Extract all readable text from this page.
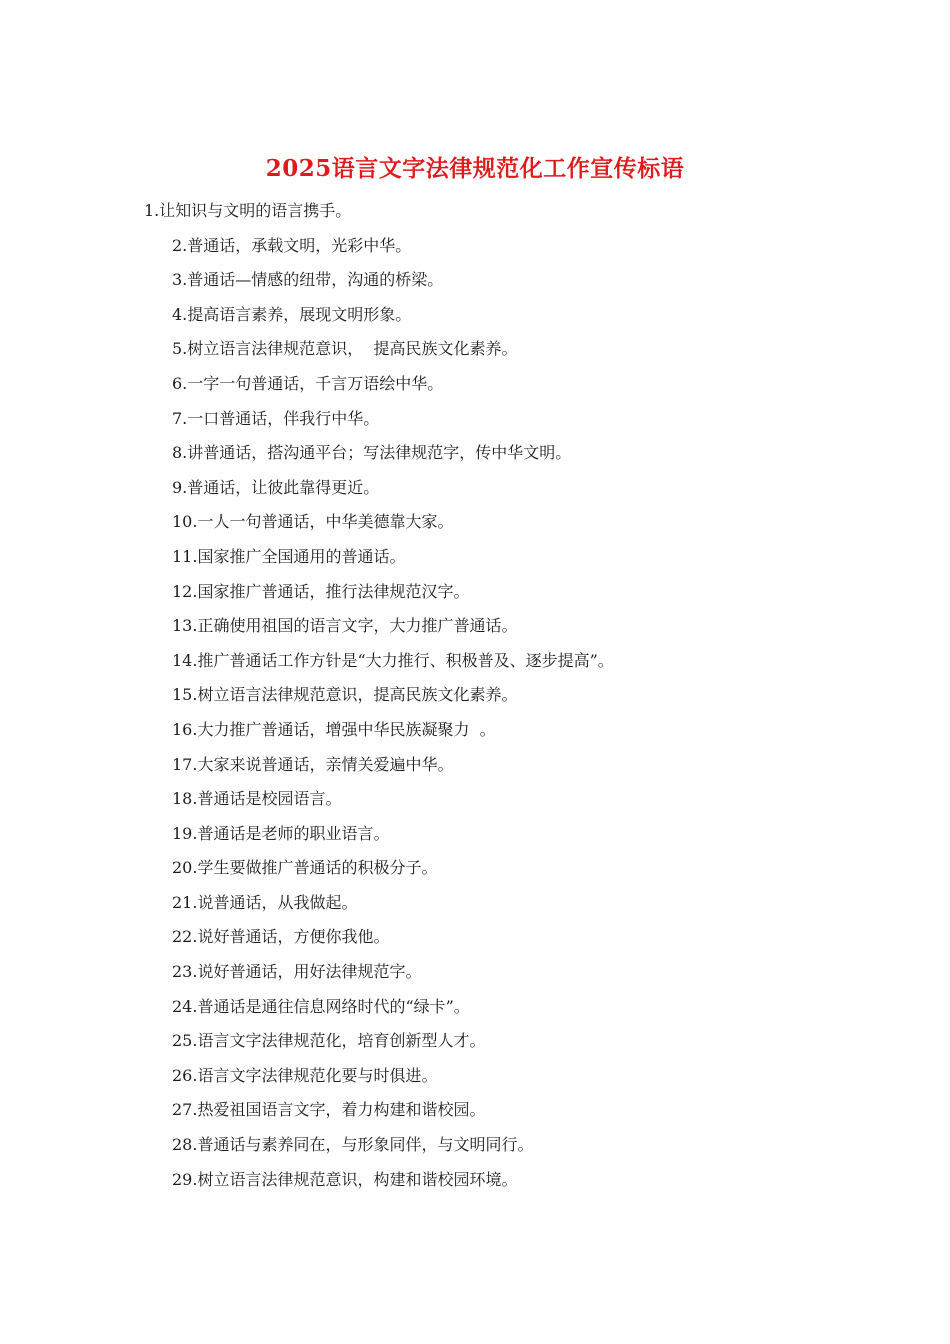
2025语言文字法律规范化工作宣传标语
1.让知识与文明的语言携手。
2.普通话，承载文明，光彩中华。
3.普通话—情感的纽带，沟通的桥梁。
4.提高语言素养，展现文明形象。
5.树立语言法律规范意识，  提高民族文化素养。
6.一字一句普通话，千言万语绘中华。
7.一口普通话，伴我行中华。
8.讲普通话，搭沟通平台；写法律规范字，传中华文明。
9.普通话，让彼此靠得更近。
10.一人一句普通话，中华美德靠大家。
11.国家推广全国通用的普通话。
12.国家推广普通话，推行法律规范汉字。
13.正确使用祖国的语言文字，大力推广普通话。
14.推广普通话工作方针是“大力推行、积极普及、逐步提高”。
15.树立语言法律规范意识，提高民族文化素养。
16.大力推广普通话，增强中华民族凝聚力  。
17.大家来说普通话，亲情关爱遍中华。
18.普通话是校园语言。
19.普通话是老师的职业语言。
20.学生要做推广普通话的积极分子。
21.说普通话，从我做起。
22.说好普通话，方便你我他。
23.说好普通话，用好法律规范字。
24.普通话是通往信息网络时代的“绿卡”。
25.语言文字法律规范化，培育创新型人才。
26.语言文字法律规范化要与时俱进。
27.热爱祖国语言文字，着力构建和谐校园。
28.普通话与素养同在，与形象同伴，与文明同行。
29.树立语言法律规范意识，构建和谐校园环境。
